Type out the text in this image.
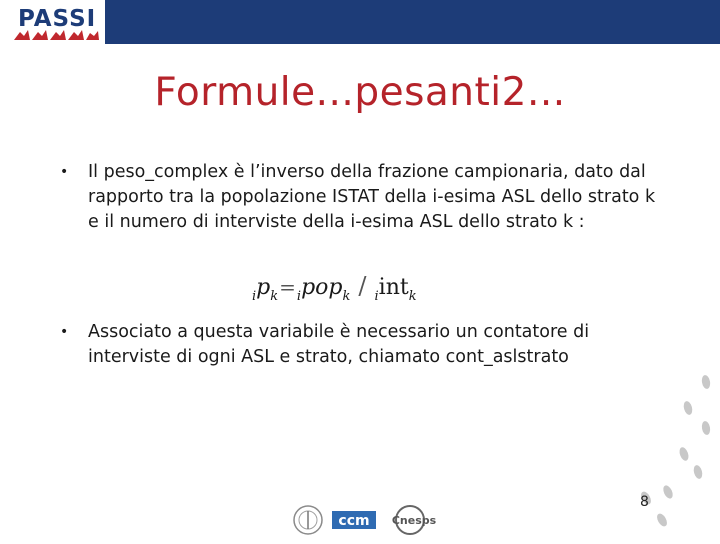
PASSI
Formule...pesanti2...
• Il peso_complex è l’inverso della frazione campionaria, dato dal rapporto tra la popolazione ISTAT della i-esima ASL dello strato k e il numero di interviste della i-esima ASL dello strato k :
$_ip_k=_ipop_k / _iint_k$
• Associato a questa variabile è necessario un contatore di interviste di ogni ASL e strato, chiamato cont_aslstrato
8
ccm Cnesps
